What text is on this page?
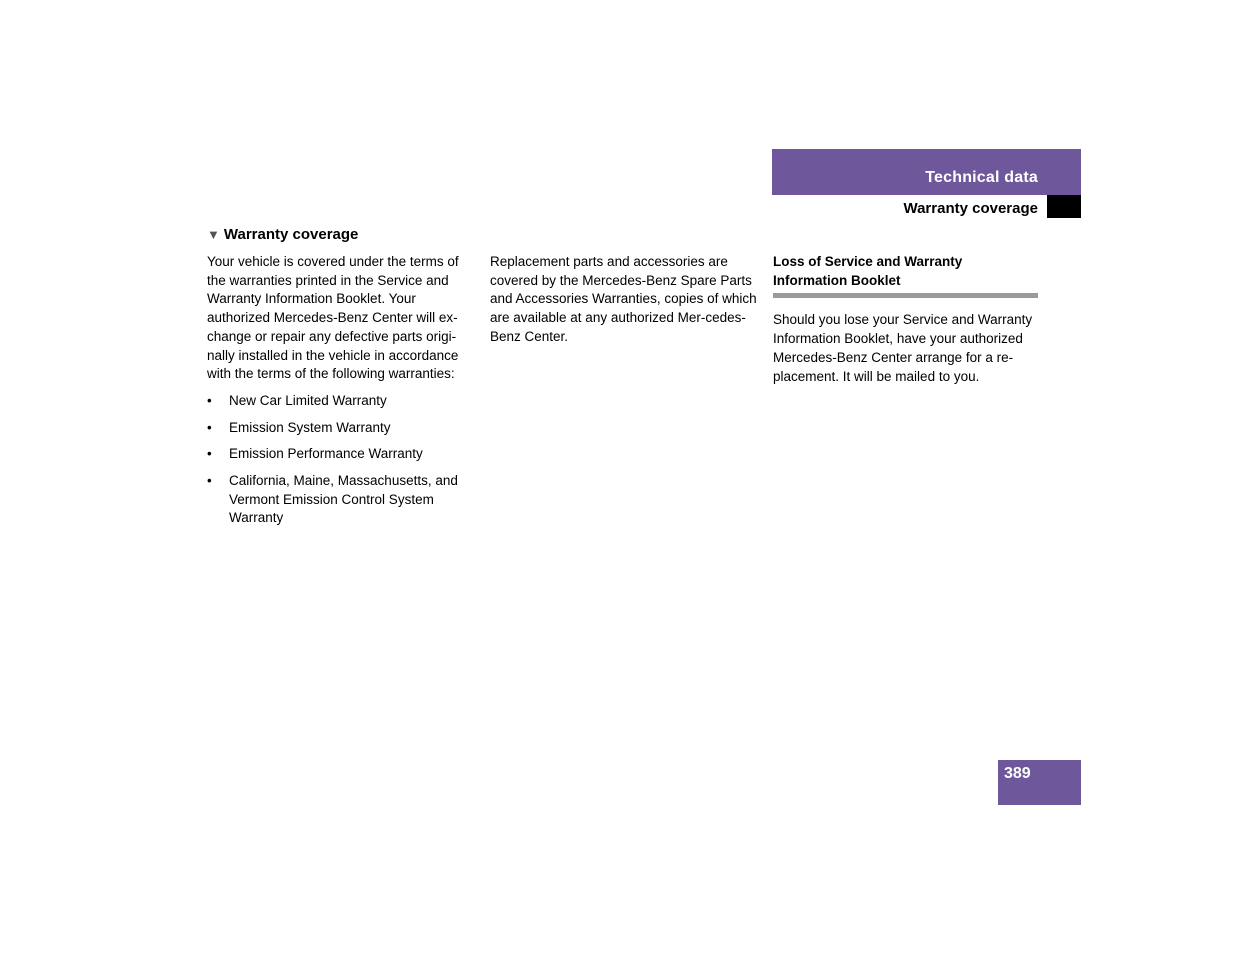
Technical data
Warranty coverage
▼ Warranty coverage

Your vehicle is covered under the terms of the warranties printed in the Service and Warranty Information Booklet. Your authorized Mercedes-Benz Center will ex-change or repair any defective parts origi-nally installed in the vehicle in accordance with the terms of the following warranties:

• New Car Limited Warranty
• Emission System Warranty
• Emission Performance Warranty
• California, Maine, Massachusetts, and Vermont Emission Control System Warranty

Replacement parts and accessories are covered by the Mercedes-Benz Spare Parts and Accessories Warranties, copies of which are available at any authorized Mer-cedes-Benz Center.

Loss of Service and Warranty
Information Booklet

Should you lose your Service and Warranty Information Booklet, have your authorized Mercedes-Benz Center arrange for a re-placement. It will be mailed to you.

389
